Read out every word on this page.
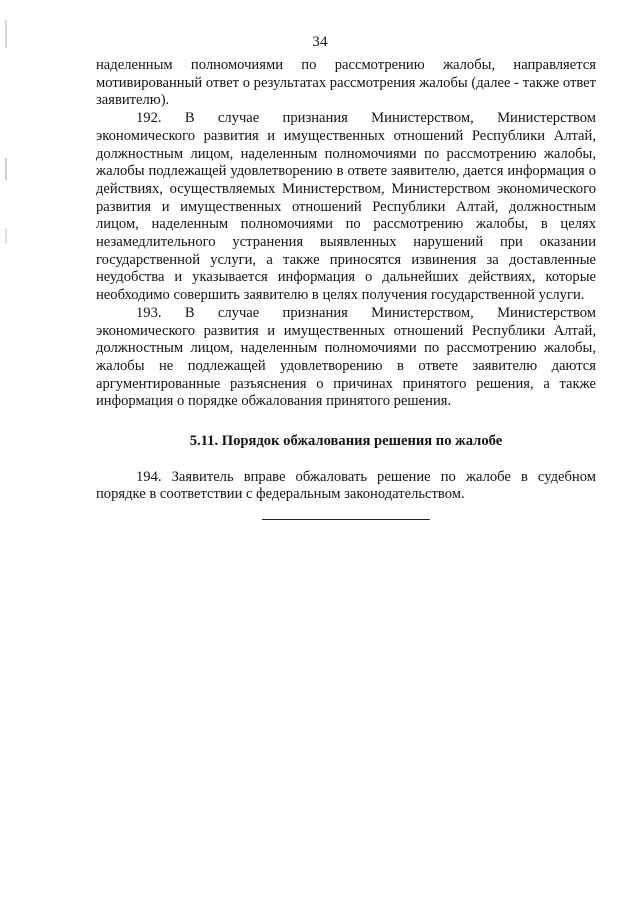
34

наделенным полномочиями по рассмотрению жалобы, направляется мотивированный ответ о результатах рассмотрения жалобы (далее - также ответ заявителю).

192. В случае признания Министерством, Министерством экономического развития и имущественных отношений Республики Алтай, должностным лицом, наделенным полномочиями по рассмотрению жалобы, жалобы подлежащей удовлетворению в ответе заявителю, дается информация о действиях, осуществляемых Министерством, Министерством экономического развития и имущественных отношений Республики Алтай, должностным лицом, наделенным полномочиями по рассмотрению жалобы, в целях незамедлительного устранения выявленных нарушений при оказании государственной услуги, а также приносятся извинения за доставленные неудобства и указывается информация о дальнейших действиях, которые необходимо совершить заявителю в целях получения государственной услуги.

193. В случае признания Министерством, Министерством экономического развития и имущественных отношений Республики Алтай, должностным лицом, наделенным полномочиями по рассмотрению жалобы, жалобы не подлежащей удовлетворению в ответе заявителю даются аргументированные разъяснения о причинах принятого решения, а также информация о порядке обжалования принятого решения.

5.11. Порядок обжалования решения по жалобе

194. Заявитель вправе обжаловать решение по жалобе в судебном порядке в соответствии с федеральным законодательством.
